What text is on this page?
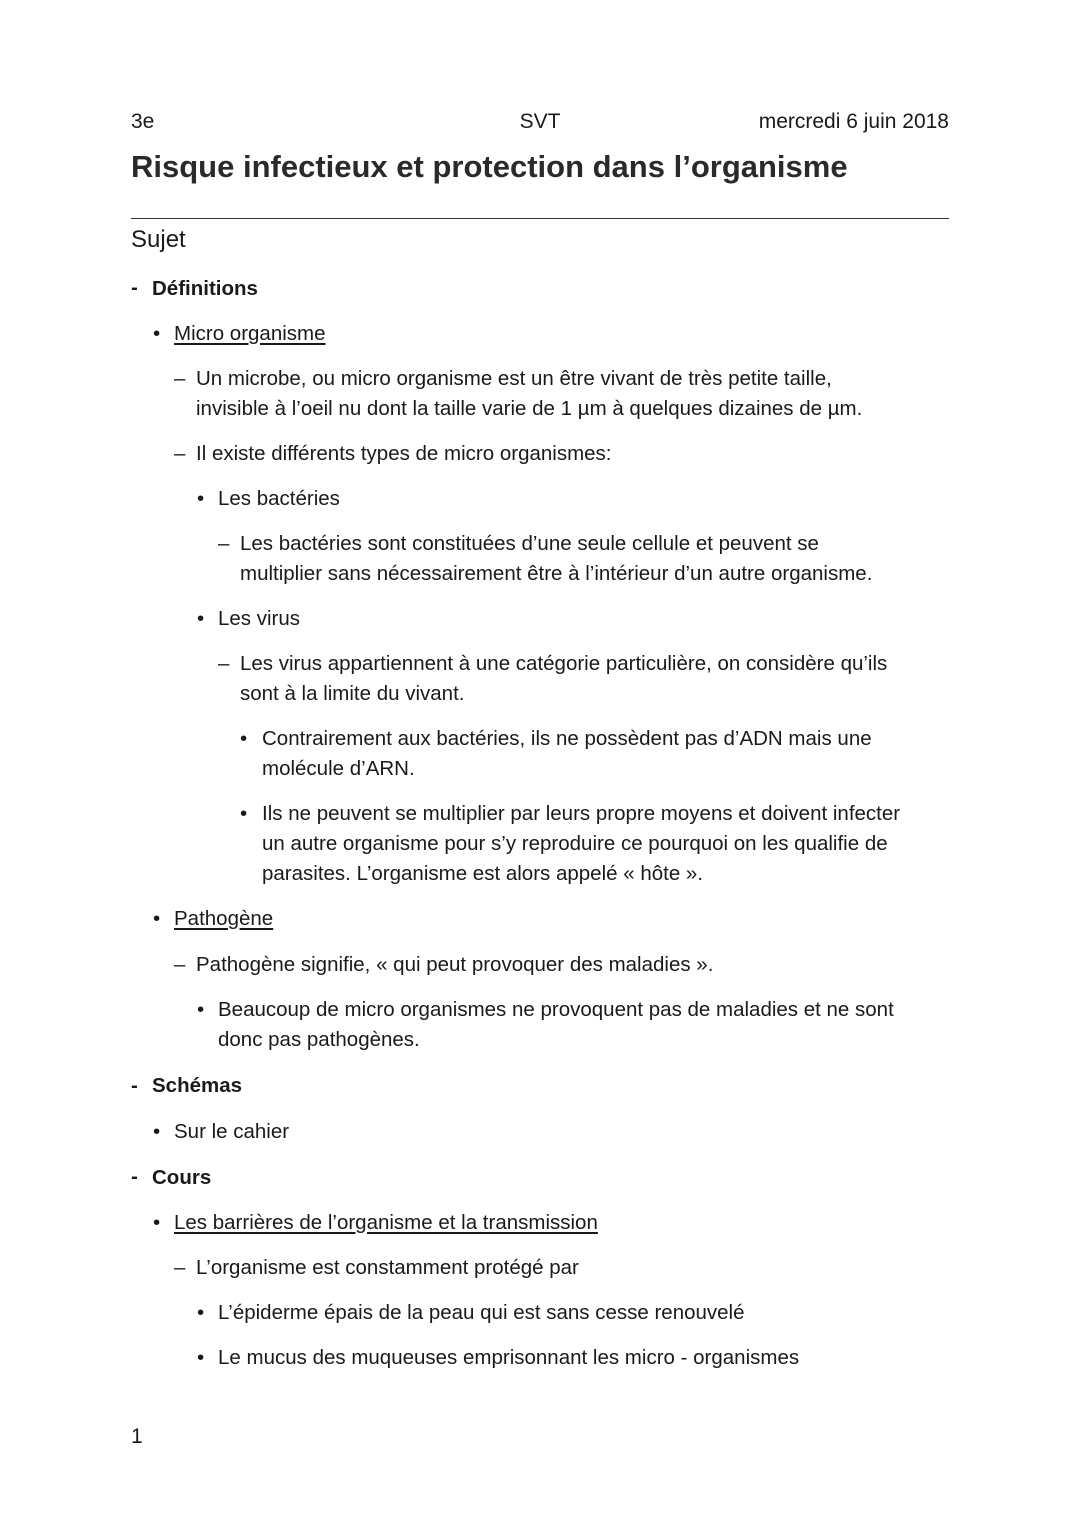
3e	SVT	mercredi 6 juin 2018
Risque infectieux et protection dans l’organisme
Sujet
- Définitions
• Micro organisme
– Un microbe, ou micro organisme est un être vivant de très petite taille,
invisible à l’oeil nu dont la taille varie de 1 µm à quelques dizaines de µm.
– Il existe différents types de micro organismes:
• Les bactéries
– Les bactéries sont constituées d’une seule cellule et peuvent se
multiplier sans nécessairement être à l’intérieur d’un autre organisme.
• Les virus
– Les virus appartiennent à une catégorie particulière, on considère qu’ils
sont à la limite du vivant.
• Contrairement aux bactéries, ils ne possèdent pas d’ADN mais une
molécule d’ARN.
• Ils ne peuvent se multiplier par leurs propre moyens et doivent infecter
un autre organisme pour s’y reproduire ce pourquoi on les qualifie de
parasites. L’organisme est alors appelé « hôte ».
• Pathogène
– Pathogène signifie, « qui peut provoquer des maladies ».
• Beaucoup de micro organismes ne provoquent pas de maladies et ne sont
donc pas pathogènes.
- Schémas
• Sur le cahier
- Cours
• Les barrières de l’organisme et la transmission
– L’organisme est constamment protégé par
• L’épiderme épais de la peau qui est sans cesse renouvelé
• Le mucus des muqueuses emprisonnant les micro - organismes
1
